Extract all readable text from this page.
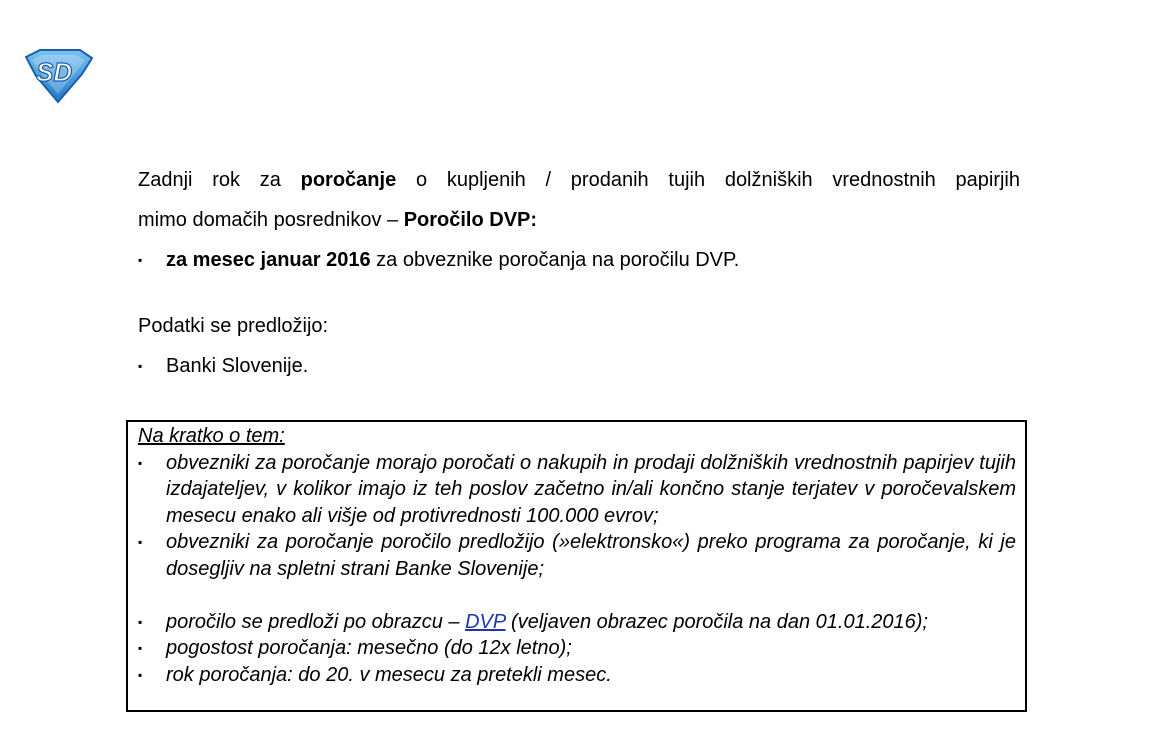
SD

Zadnji rok za poročanje o kupljenih / prodanih tujih dolžniških vrednostnih papirjih

mimo domačih posrednikov – Poročilo DVP:

▪	za mesec januar 2016 za obveznike poročanja na poročilu DVP.

Podatki se predložijo:

▪	Banki Slovenije.
Na kratko o tem:
▪	obvezniki za poročanje morajo poročati o nakupih in prodaji dolžniških vrednostnih papirjev tujih izdajateljev, v kolikor imajo iz teh poslov začetno in/ali končno stanje terjatev v poročevalskem mesecu enako ali višje od protivrednosti 100.000 evrov;
▪	obvezniki za poročanje poročilo predložijo (»elektronsko«) preko programa za poročanje, ki je dosegljiv na spletni strani Banke Slovenije;
▪	poročilo se predloži po obrazcu – DVP (veljaven obrazec poročila na dan 01.01.2016);
▪	pogostost poročanja: mesečno (do 12x letno);
▪	rok poročanja: do 20. v mesecu za pretekli mesec.
